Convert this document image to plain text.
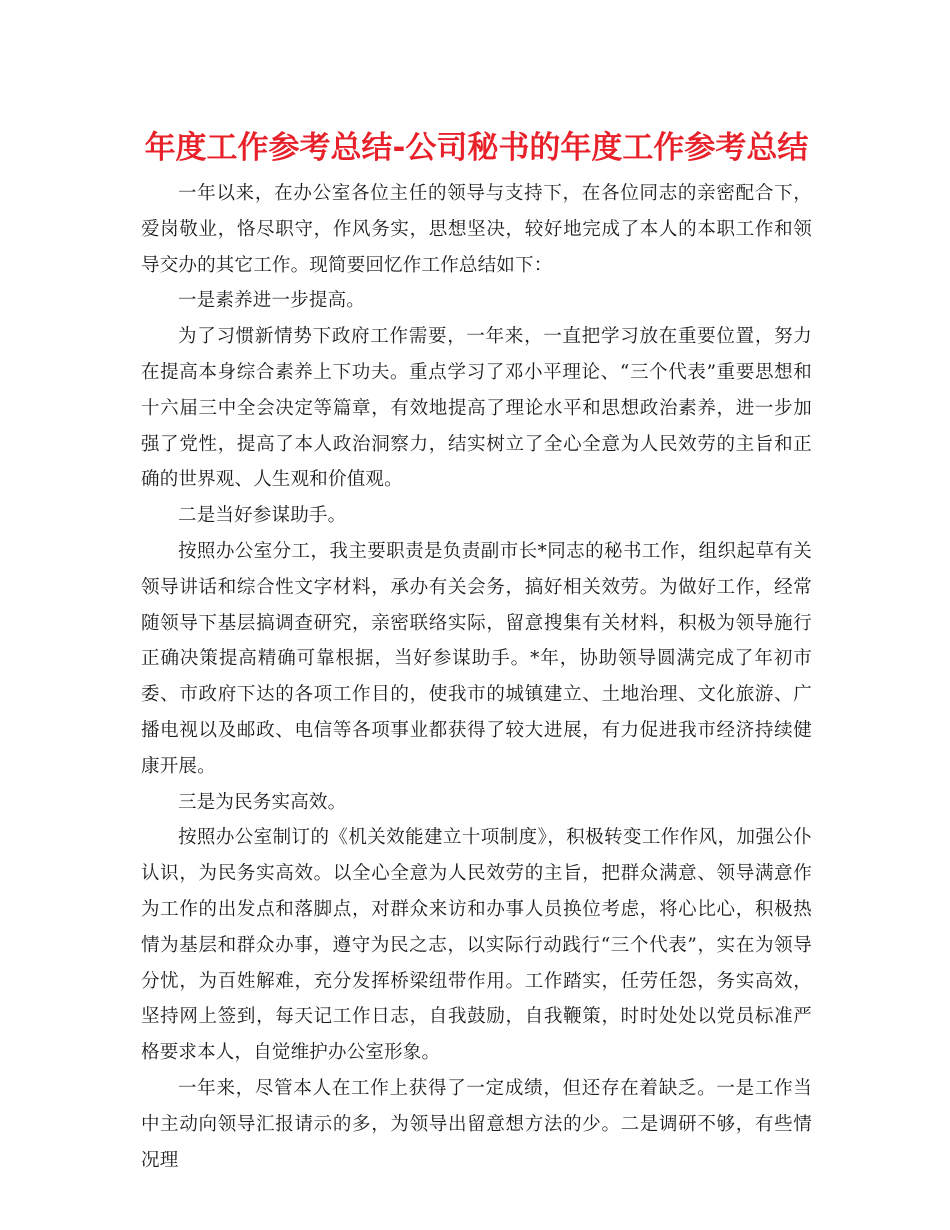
年度工作参考总结-公司秘书的年度工作参考总结

一年以来，在办公室各位主任的领导与支持下，在各位同志的亲密配合下，爱岗敬业，恪尽职守，作风务实，思想坚决，较好地完成了本人的本职工作和领导交办的其它工作。现简要回忆作工作总结如下：

一是素养进一步提高。

为了习惯新情势下政府工作需要，一年来，一直把学习放在重要位置，努力在提高本身综合素养上下功夫。重点学习了邓小平理论、“三个代表”重要思想和十六届三中全会决定等篇章，有效地提高了理论水平和思想政治素养，进一步加强了党性，提高了本人政治洞察力，结实树立了全心全意为人民效劳的主旨和正确的世界观、人生观和价值观。

二是当好参谋助手。

按照办公室分工，我主要职责是负责副市长*同志的秘书工作，组织起草有关领导讲话和综合性文字材料，承办有关会务，搞好相关效劳。为做好工作，经常随领导下基层搞调查研究，亲密联络实际，留意搜集有关材料，积极为领导施行正确决策提高精确可靠根据，当好参谋助手。*年，协助领导圆满完成了年初市委、市政府下达的各项工作目的，使我市的城镇建立、土地治理、文化旅游、广播电视以及邮政、电信等各项事业都获得了较大进展，有力促进我市经济持续健康开展。

三是为民务实高效。

按照办公室制订的《机关效能建立十项制度》，积极转变工作作风，加强公仆认识，为民务实高效。以全心全意为人民效劳的主旨，把群众满意、领导满意作为工作的出发点和落脚点，对群众来访和办事人员换位考虑，将心比心，积极热情为基层和群众办事，遵守为民之志，以实际行动践行“三个代表”，实在为领导分忧，为百姓解难，充分发挥桥梁纽带作用。工作踏实，任劳任怨，务实高效，坚持网上签到，每天记工作日志，自我鼓励，自我鞭策，时时处处以党员标准严格要求本人，自觉维护办公室形象。

一年来，尽管本人在工作上获得了一定成绩，但还存在着缺乏。一是工作当中主动向领导汇报请示的多，为领导出留意想方法的少。二是调研不够，有些情况理
